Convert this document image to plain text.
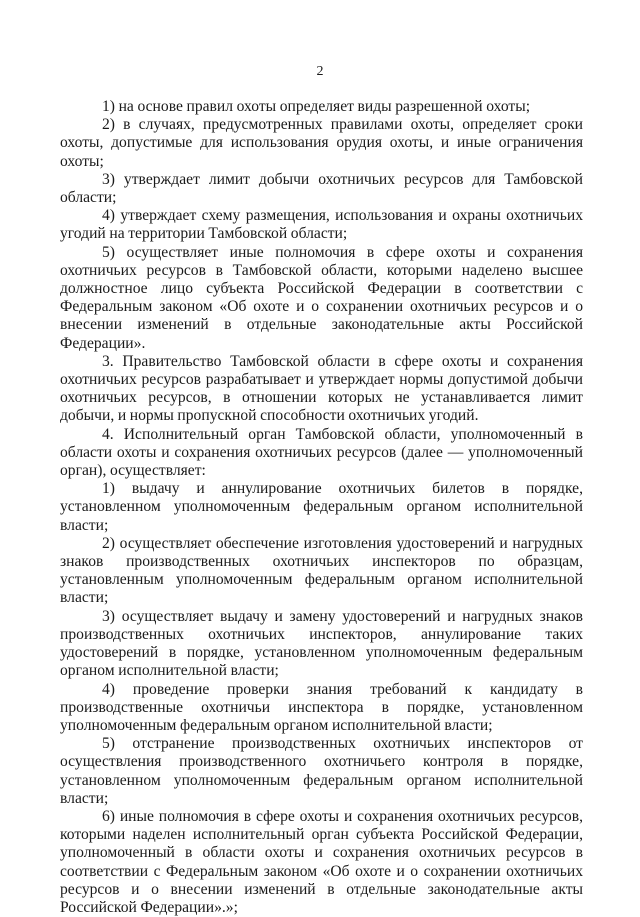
2

1) на основе правил охоты определяет виды разрешенной охоты;

2) в случаях, предусмотренных правилами охоты, определяет сроки охоты, допустимые для использования орудия охоты, и иные ограничения охоты;

3) утверждает лимит добычи охотничьих ресурсов для Тамбовской области;

4) утверждает схему размещения, использования и охраны охотничьих угодий на территории Тамбовской области;

5) осуществляет иные полномочия в сфере охоты и сохранения охотничьих ресурсов в Тамбовской области, которыми наделено высшее должностное лицо субъекта Российской Федерации в соответствии с Федеральным законом «Об охоте и о сохранении охотничьих ресурсов и о внесении изменений в отдельные законодательные акты Российской Федерации».

3. Правительство Тамбовской области в сфере охоты и сохранения охотничьих ресурсов разрабатывает и утверждает нормы допустимой добычи охотничьих ресурсов, в отношении которых не устанавливается лимит добычи, и нормы пропускной способности охотничьих угодий.

4. Исполнительный орган Тамбовской области, уполномоченный в области охоты и сохранения охотничьих ресурсов (далее — уполномоченный орган), осуществляет:

1) выдачу и аннулирование охотничьих билетов в порядке, установленном уполномоченным федеральным органом исполнительной власти;

2) осуществляет обеспечение изготовления удостоверений и нагрудных знаков производственных охотничьих инспекторов по образцам, установленным уполномоченным федеральным органом исполнительной власти;

3) осуществляет выдачу и замену удостоверений и нагрудных знаков производственных охотничьих инспекторов, аннулирование таких удостоверений в порядке, установленном уполномоченным федеральным органом исполнительной власти;

4) проведение проверки знания требований к кандидату в производственные охотничьи инспектора в порядке, установленном уполномоченным федеральным органом исполнительной власти;

5) отстранение производственных охотничьих инспекторов от осуществления производственного охотничьего контроля в порядке, установленном уполномоченным федеральным органом исполнительной власти;

6) иные полномочия в сфере охоты и сохранения охотничьих ресурсов, которыми наделен исполнительный орган субъекта Российской Федерации, уполномоченный в области охоты и сохранения охотничьих ресурсов в соответствии с Федеральным законом «Об охоте и о сохранении охотничьих ресурсов и о внесении изменений в отдельные законодательные акты Российской Федерации».»;
